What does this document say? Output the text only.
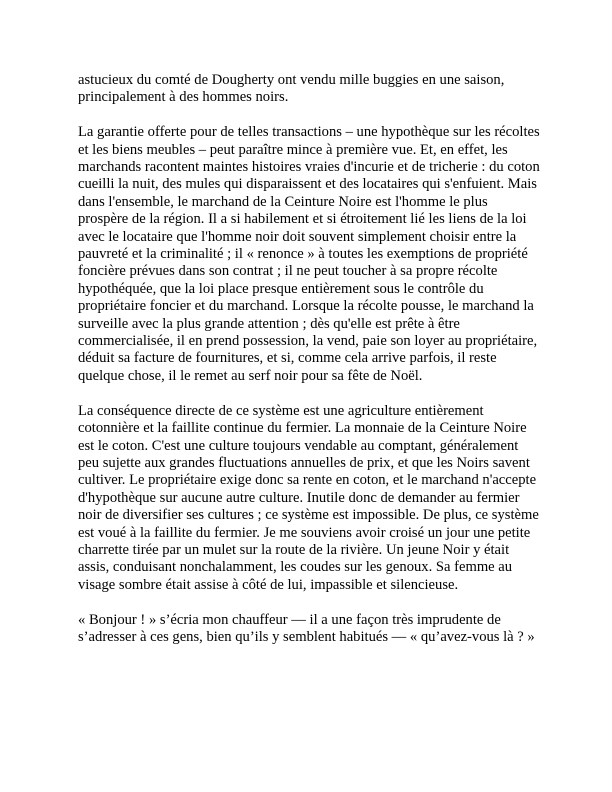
astucieux du comté de Dougherty ont vendu mille buggies en une saison, principalement à des hommes noirs.

La garantie offerte pour de telles transactions – une hypothèque sur les récoltes et les biens meubles – peut paraître mince à première vue. Et, en effet, les marchands racontent maintes histoires vraies d'incurie et de tricherie : du coton cueilli la nuit, des mules qui disparaissent et des locataires qui s'enfuient. Mais dans l'ensemble, le marchand de la Ceinture Noire est l'homme le plus prospère de la région. Il a si habilement et si étroitement lié les liens de la loi avec le locataire que l'homme noir doit souvent simplement choisir entre la pauvreté et la criminalité ; il « renonce » à toutes les exemptions de propriété foncière prévues dans son contrat ; il ne peut toucher à sa propre récolte hypothéquée, que la loi place presque entièrement sous le contrôle du propriétaire foncier et du marchand. Lorsque la récolte pousse, le marchand la surveille avec la plus grande attention ; dès qu'elle est prête à être commercialisée, il en prend possession, la vend, paie son loyer au propriétaire, déduit sa facture de fournitures, et si, comme cela arrive parfois, il reste quelque chose, il le remet au serf noir pour sa fête de Noël.

La conséquence directe de ce système est une agriculture entièrement cotonnière et la faillite continue du fermier. La monnaie de la Ceinture Noire est le coton. C'est une culture toujours vendable au comptant, généralement peu sujette aux grandes fluctuations annuelles de prix, et que les Noirs savent cultiver. Le propriétaire exige donc sa rente en coton, et le marchand n'accepte d'hypothèque sur aucune autre culture. Inutile donc de demander au fermier noir de diversifier ses cultures ; ce système est impossible. De plus, ce système est voué à la faillite du fermier. Je me souviens avoir croisé un jour une petite charrette tirée par un mulet sur la route de la rivière. Un jeune Noir y était assis, conduisant nonchalamment, les coudes sur les genoux. Sa femme au visage sombre était assise à côté de lui, impassible et silencieuse.

« Bonjour ! » s’écria mon chauffeur — il a une façon très imprudente de s’adresser à ces gens, bien qu’ils y semblent habitués — « qu’avez-vous là ? »
